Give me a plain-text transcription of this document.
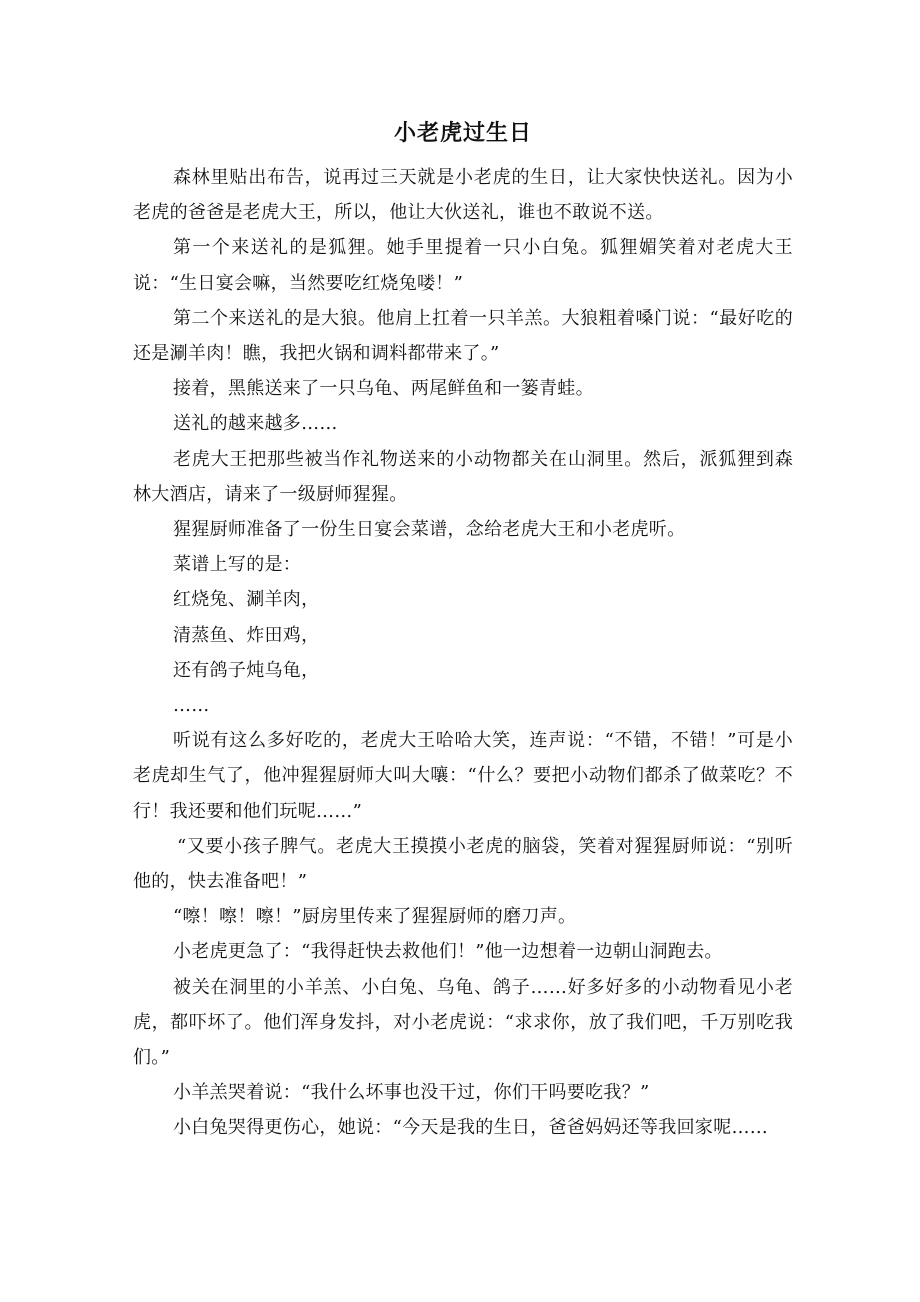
小老虎过生日

森林里贴出布告，说再过三天就是小老虎的生日，让大家快快送礼。因为小老虎的爸爸是老虎大王，所以，他让大伙送礼，谁也不敢说不送。

第一个来送礼的是狐狸。她手里提着一只小白兔。狐狸媚笑着对老虎大王说：“生日宴会嘛，当然要吃红烧兔喽！”

第二个来送礼的是大狼。他肩上扛着一只羊羔。大狼粗着嗓门说：“最好吃的还是涮羊肉！瞧，我把火锅和调料都带来了。”

接着，黑熊送来了一只乌龟、两尾鲜鱼和一篓青蛙。

送礼的越来越多……

老虎大王把那些被当作礼物送来的小动物都关在山洞里。然后，派狐狸到森林大酒店，请来了一级厨师猩猩。

猩猩厨师准备了一份生日宴会菜谱，念给老虎大王和小老虎听。

菜谱上写的是：

红烧兔、涮羊肉，

清蒸鱼、炸田鸡，

还有鸽子炖乌龟，

……

听说有这么多好吃的，老虎大王哈哈大笑，连声说：“不错，不错！”可是小老虎却生气了，他冲猩猩厨师大叫大嚷：“什么？要把小动物们都杀了做菜吃？不行！我还要和他们玩呢……”

“又要小孩子脾气。老虎大王摸摸小老虎的脑袋，笑着对猩猩厨师说：“别听他的，快去准备吧！”

“嚓！嚓！嚓！”厨房里传来了猩猩厨师的磨刀声。

小老虎更急了：“我得赶快去救他们！”他一边想着一边朝山洞跑去。

被关在洞里的小羊羔、小白兔、乌龟、鸽子……好多好多的小动物看见小老虎，都吓坏了。他们浑身发抖，对小老虎说：“求求你，放了我们吧，千万别吃我们。”

小羊羔哭着说：“我什么坏事也没干过，你们干吗要吃我？”

小白兔哭得更伤心，她说：“今天是我的生日，爸爸妈妈还等我回家呢……
